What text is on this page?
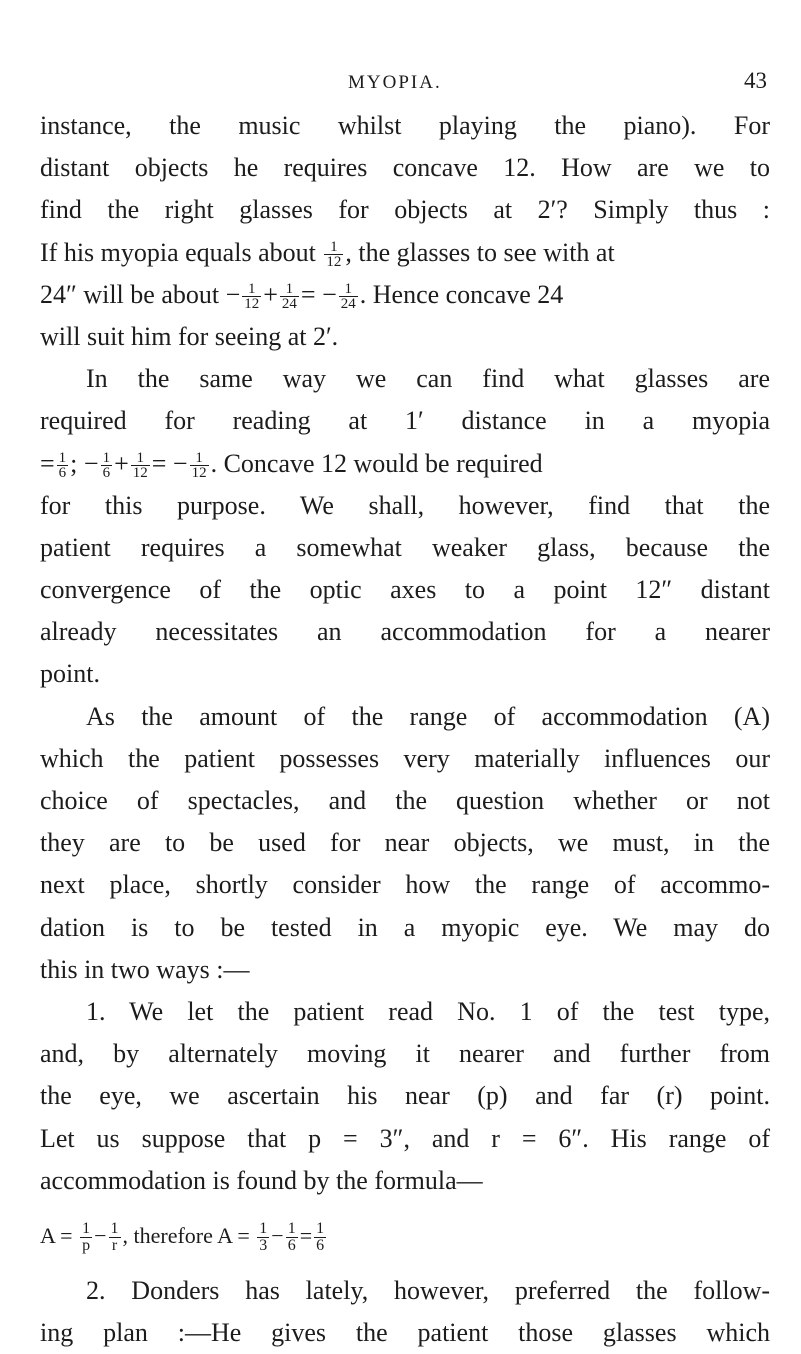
MYOPIA.	43
instance, the music whilst playing the piano). For
distant objects he requires concave 12. How are we to
find the right glasses for objects at 2′? Simply thus :
If his myopia equals about $\frac{1}{12}$ , the glasses to see with at
24″ will be about − $\frac{1}{12} + \frac{1}{24}$ = − $\frac{1}{24}$ . Hence concave 24
will suit him for seeing at 2′.
In the same way we can find what glasses are
required for reading at 1′ distance in a myopia
= $\frac{1}{6}$ ; − $\frac{1}{6} + \frac{1}{12}$ = − $\frac{1}{12}$ . Concave 12 would be required
for this purpose. We shall, however, find that the
patient requires a somewhat weaker glass, because the
convergence of the optic axes to a point 12″ distant
already necessitates an accommodation for a nearer
point.
As the amount of the range of accommodation (A)
which the patient possesses very materially influences our
choice of spectacles, and the question whether or not
they are to be used for near objects, we must, in the
next place, shortly consider how the range of accommo-
dation is to be tested in a myopic eye. We may do
this in two ways :—
1. We let the patient read No. 1 of the test type,
and, by alternately moving it nearer and further from
the eye, we ascertain his near (p) and far (r) point.
Let us suppose that p = 3″, and r = 6″. His range of
accommodation is found by the formula—
$A = \frac{1}{p} - \frac{1}{r}$ , therefore $A = \frac{1}{3} - \frac{1}{6} = \frac{1}{6}$
2. Donders has lately, however, preferred the follow-
ing plan :—He gives the patient those glasses which
